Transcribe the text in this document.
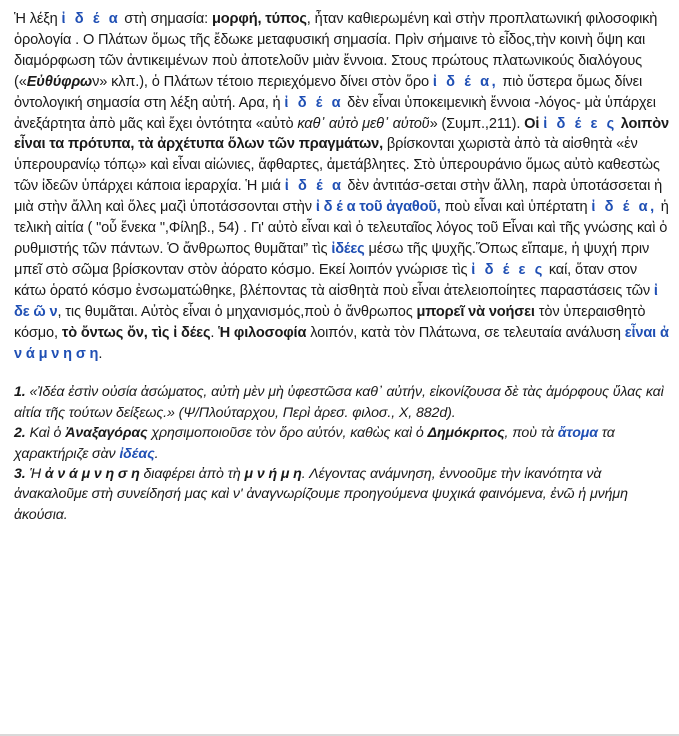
Ἡ λέξη ἰ δ έ α στὴ σημασία: μορφή, τύπος, ἦταν καθιερωμένη καὶ στὴν προπλατωνική φιλοσοφικὴ ὁρολογία . Ο Πλάτων ὅμως τῆς ἔδωκε μεταφυσική σημασία. Πρὶν σήμαινε τὸ εἶδος,τὴν κοινὴ ὄψη και διαμόρφωση τῶν ἀντικειμένων ποὺ ἀποτελοῦν μιὰν ἔννοια. Στους πρώτους πλατωνικούς διαλόγους («Εὐθύφρων» κλπ.), ὁ Πλάτων τέτοιο περιεχόμενο δίνει στὸν ὅρο ἰ δ έ α, πιὸ ὕστερα ὅμως δίνει ὀντολογική σημασία στη λέξη αὐτή. Αρα, ἡ ἰ δ έ α δὲν εἶναι ὑποκειμενικὴ ἔννοια -λόγος- μὰ ὑπάρχει ἀνεξάρτητα ἀπὸ μᾶς καὶ ἔχει ὀντότητα «αὐτὸ καθ᾽ αὐτὸ μεθ᾽ αὐτοῦ» (Συμπ.,211). Οἱ ἰ δ έ ε ς λοιπὸν εἶναι τα πρότυπα, τὰ ἀρχέτυπα ὅλων τῶν πραγμάτων, βρίσκονται χωριστὰ ἀπὸ τὰ αἰσθητὰ «ἐν ὑπερουρανίῳ τόπῳ» καὶ εἶναι αἰώνιες, ἄφθαρτες, ἀμετάβλητες. Στὸ ὑπερουράνιο ὅμως αὐτὸ καθεστὼς τῶν ἰδεῶν ὑπάρχει κάποια ἱεραρχία. Ἡ μιά ἰ δ έ α δὲν ἀντιτάσ-σεται στὴν ἄλλη, παρὰ ὑποτάσσεται ἡ μιὰ στὴν ἄλλη καὶ ὅλες μαζὶ ὑποτάσσονται στὴν ἰ δ έ α τοῦ ἀγαθοῦ, ποὺ εἶναι καὶ ὑπέρτατη ἰ δ έ α, ἡ τελικὴ αἰτία ( "οὗ ἕνεκα ",Φίληβ., 54) . Γι' αὐτὸ εἶναι καὶ ὁ τελευταῖος λόγος τοῦ Εἶναι καὶ τῆς γνώσης καὶ ὁ ρυθμιστής τῶν πάντων. Ὁ ἄνθρωπος θυμᾶται” τὶς ἰδέες μέσω τῆς ψυχῆς.Ὅπως εἴπαμε, ἡ ψυχή πριν μπεῖ στὸ σῶμα βρίσκονταν στὸν ἀόρατο κόσμο. Εκεί λοιπόν γνώρισε τὶς ἰ δ έ ε ς καί, ὅταν στον κάτω ὁρατό κόσμο ἐνσωματώθηκε, βλέποντας τὰ αἰσθητὰ ποὺ εἶναι ἀτελειοποίητες παραστάσεις τῶν ἰ δε ῶ ν, τις θυμᾶται. Αὐτὸς εἶναι ὁ μηχανισμός,ποὺ ὁ ἄνθρωπος μπορεῖ νὰ νοήσει τὸν ὑπεραισθητὸ κόσμο, τὸ ὄντως ὄν, τὶς ἰ δέες. Ἡ φιλοσοφία λοιπόν, κατὰ τὸν Πλάτωνα, σε τελευταία ανάλυση εἶναι ἀ ν ά μ ν η σ η.

1. «Ἰδέα ἐστὶν οὐσία ἀσώματος, αὐτὴ μὲν μὴ ὑφεστῶσα καθ᾽ αὐτήν, εἰκονίζουσα δὲ τὰς ἀμόρφους ὕλας καὶ αἰτία τῆς τούτων δείξεως.» (Ψ/Πλούταρχου, Περὶ ἀρεσ. φιλοσ., Χ, 882d).

2. Καὶ ὁ Ἀναξαγόρας χρησιμοποιοῦσε τὸν ὅρο αὐτόν, καθὼς καὶ ὁ Δημόκριτος, ποὺ τὰ ἄτομα τα χαρακτήριζε σὰν ἰδέας.

3. Ἡ ἀ ν ά μ ν η σ η διαφέρει ἀπὸ τὴ μ ν ή μ η. Λέγοντας ανάμνηση, ἐννοοῦμε τὴν ἱκανότητα νὰ ἀνακαλοῦμε στὴ συνείδησή μας καὶ ν' ἀναγνωρίζουμε προηγούμενα ψυχικά φαινόμενα, ἐνῶ ἡ μνήμη ἀκούσια.
